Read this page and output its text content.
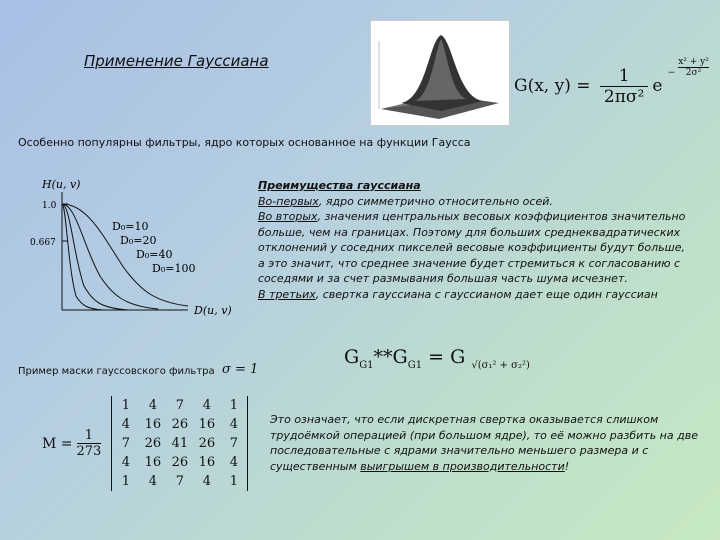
Применение Гауссиана
G(x, $y) = \frac{1}{\text{2πσ²}}$ $e - \frac{\text{x² + y²}}{\text{2σ²}}$
Особенно популярны фильтры, ядро которых основанное на функции Гаусса
H(u, v)
1.0
0.667
D₀=10
D₀=20
D₀=40
D₀=100
D(u, v)
Преимущества гауссиана
Во-первых, ядро симметрично относительно осей.
Во вторых, значения центральных весовых коэффициентов значительно больше, чем на границах. Поэтому для больших среднеквадратических отклонений у соседних пикселей весовые коэффициенты будут больше, а это значит, что среднее значение будет стремиться к согласованию с соседями и за счет размывания большая часть шума исчезнет.
В третьих, свертка гауссиана с гауссианом дает еще один гауссиан
$G_{G1}**G_{G1} = G$ $_{√(\sigma_1^2 + \sigma_2^2)}$
Пример маски гауссовского фильтра σ = 1
$M = \frac{1}{273}$
1	4	7	4	1
4	16	26	16	4
7	26	41	26	7
4	16	26	16	4
1	4	7	4	1
Это означает, что если дискретная свертка оказывается слишком трудоёмкой операцией (при большом ядре), то её можно разбить на две последовательные с ядрами значительно меньшего размера и с существенным выигрышем в производительности!
